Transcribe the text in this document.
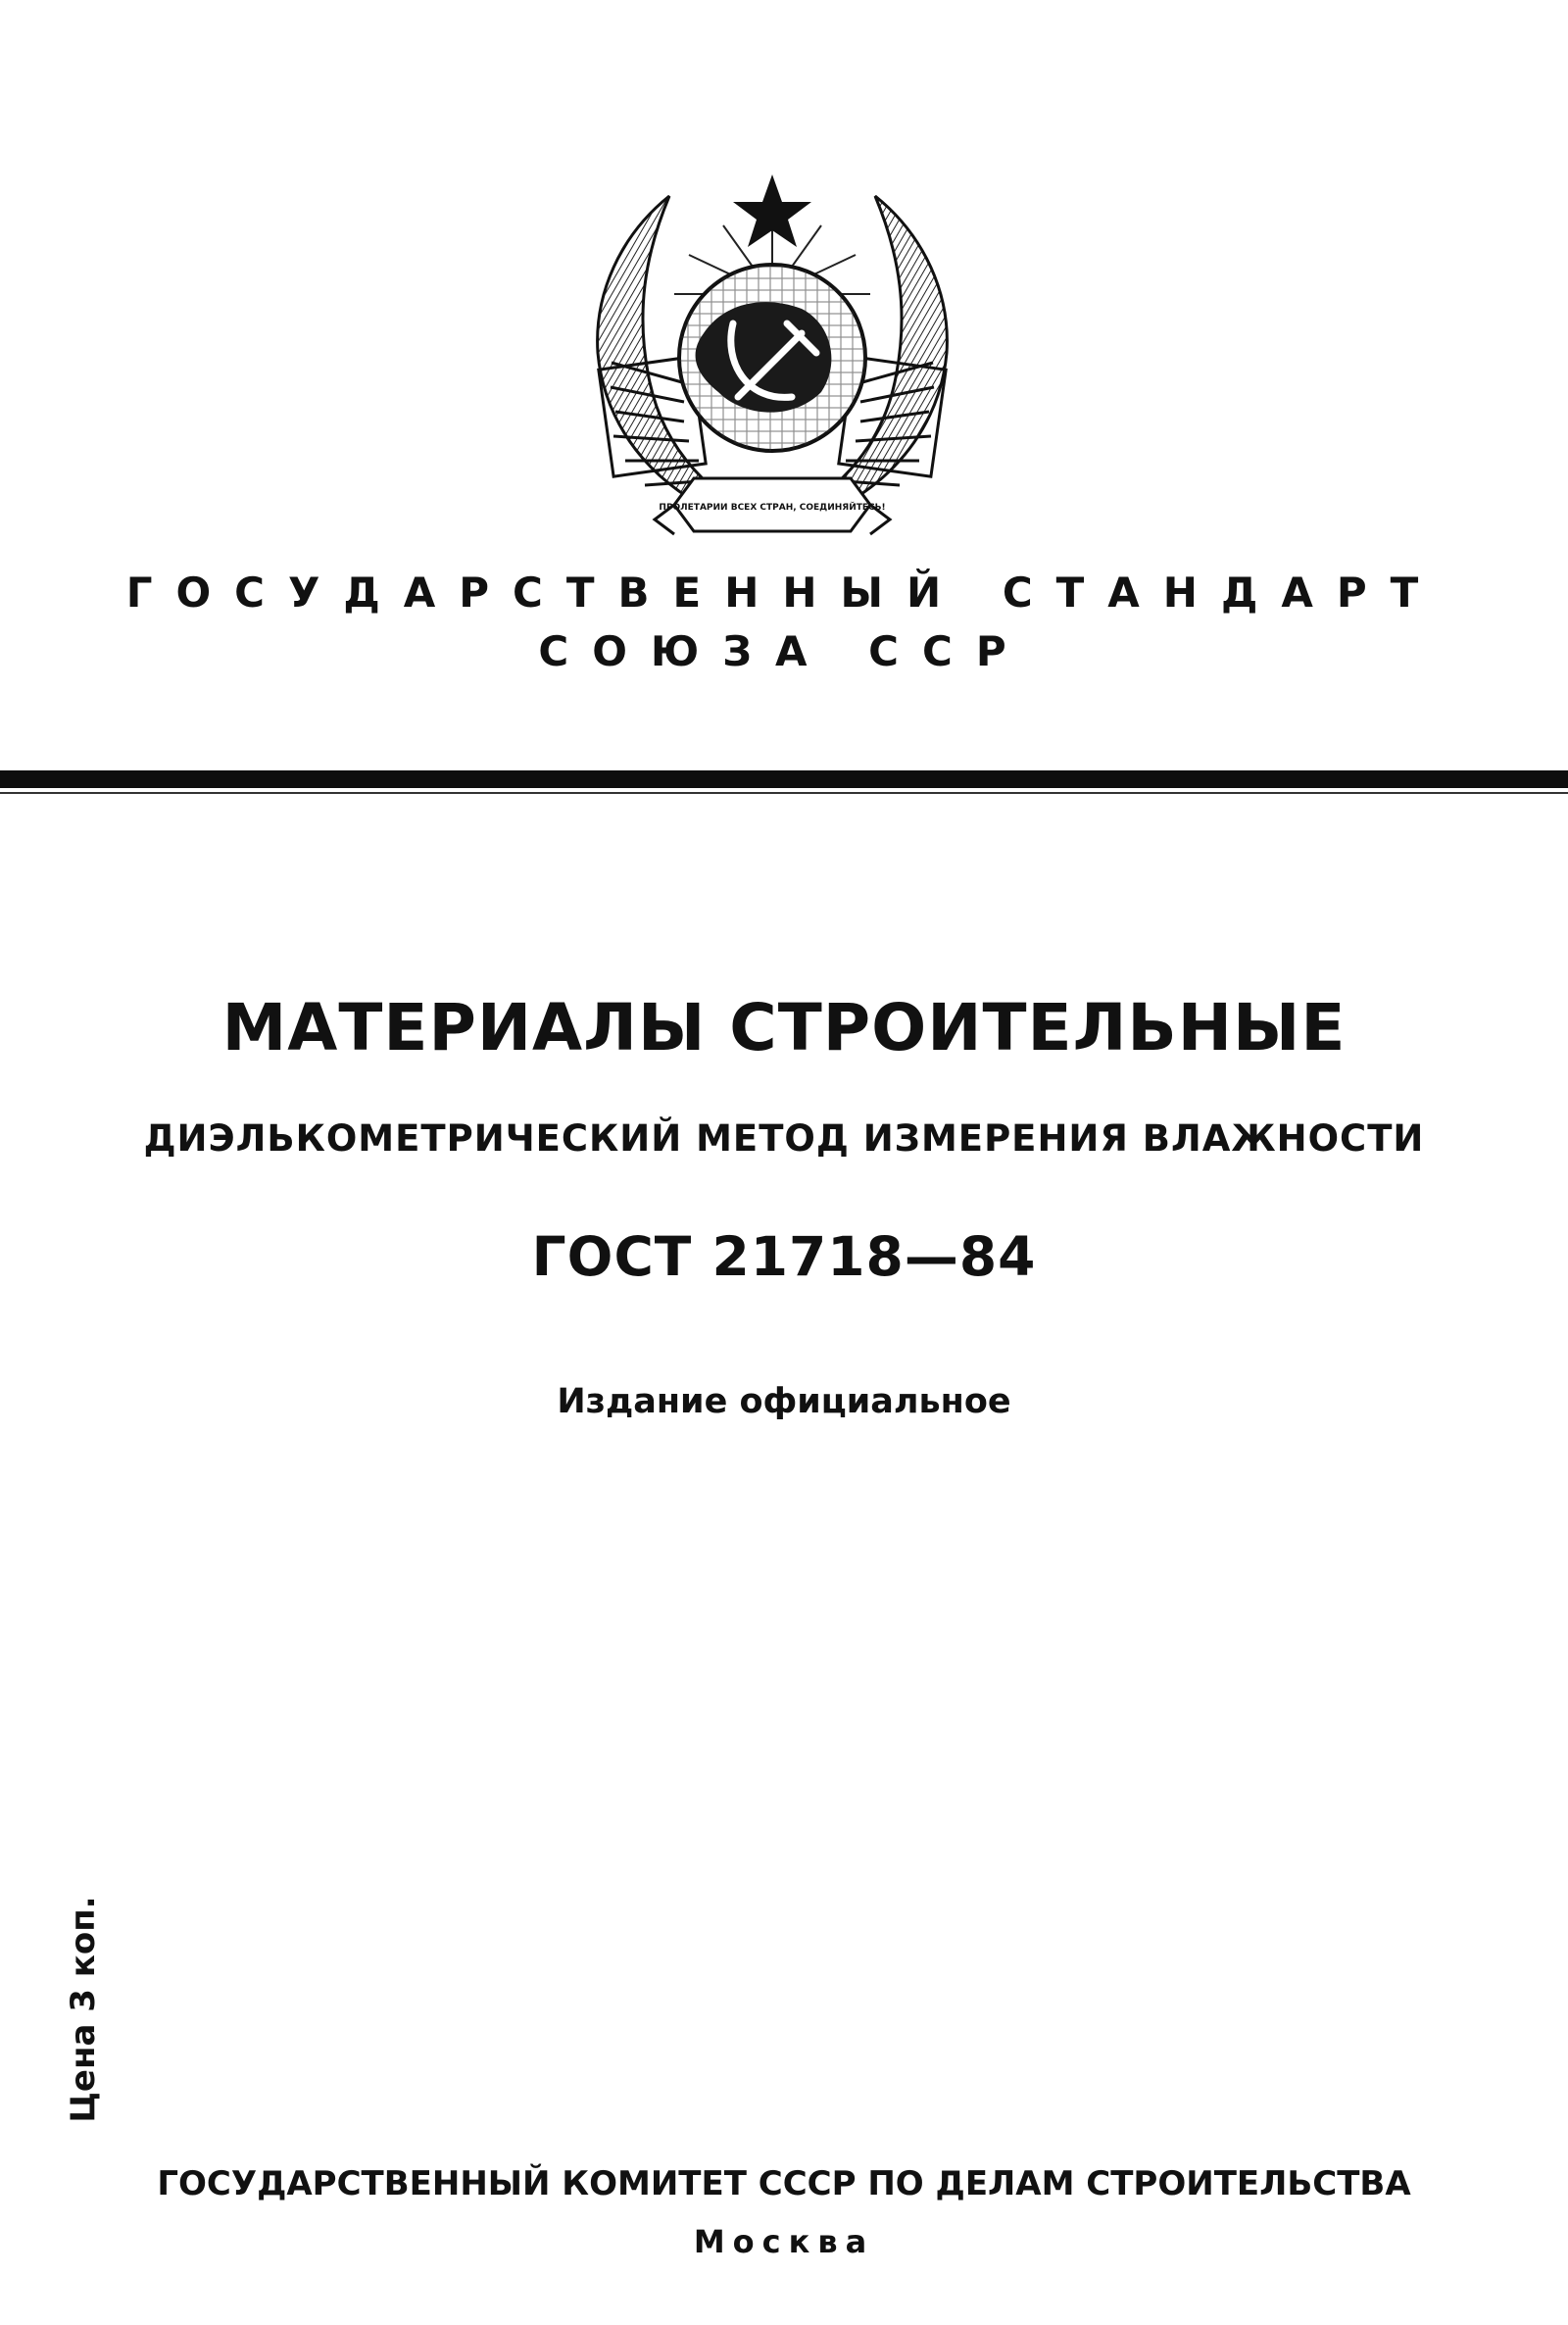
ПРОЛЕТАРИИ ВСЕХ СТРАН, СОЕДИНЯЙТЕСЬ!
ГОСУДАРСТВЕННЫЙ СТАНДАРТ
СОЮЗА ССР
МАТЕРИАЛЫ СТРОИТЕЛЬНЫЕ
ДИЭЛЬКОМЕТРИЧЕСКИЙ МЕТОД ИЗМЕРЕНИЯ ВЛАЖНОСТИ
ГОСТ 21718—84
Издание официальное
Цена 3 коп.
ГОСУДАРСТВЕННЫЙ КОМИТЕТ СССР ПО ДЕЛАМ СТРОИТЕЛЬСТВА
Москва
